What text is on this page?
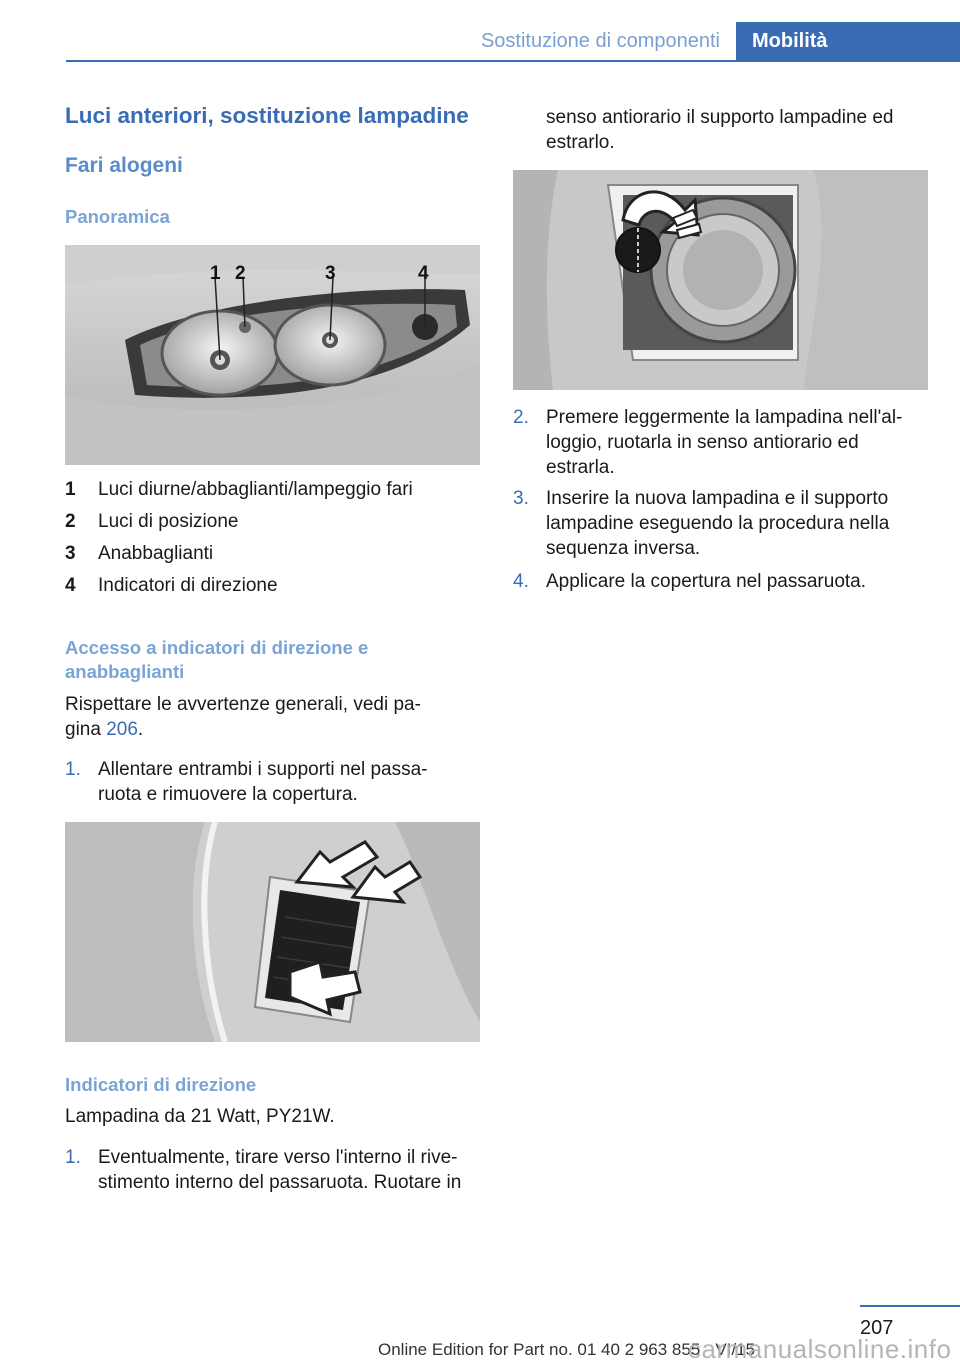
Sostituzione di componenti	Mobilità
Luci anteriori, sostituzione lampadine
Fari alogeni
Panoramica
1 2	3	4
1	Luci diurne/abbaglianti/lampeggio fari
2	Luci di posizione
3	Anabbaglianti
4	Indicatori di direzione
Accesso a indicatori di direzione e anabbaglianti
Rispettare le avvertenze generali, vedi pa‐ gina 206.
1. Allentare entrambi i supporti nel passa‐ ruota e rimuovere la copertura.
Indicatori di direzione
Lampadina da 21 Watt, PY21W.
1. Eventualmente, tirare verso l'interno il rive‐ stimento interno del passaruota. Ruotare in
senso antiorario il supporto lampadine ed estrarlo.
2. Premere leggermente la lampadina nell'al‐ loggio, ruotarla in senso antiorario ed estrarla.
3. Inserire la nuova lampadina e il supporto lampadine eseguendo la procedura nella sequenza inversa.
4. Applicare la copertura nel passaruota.
207
Online Edition for Part no. 01 40 2 963 855 - VI/15
carmanualsonline.info
